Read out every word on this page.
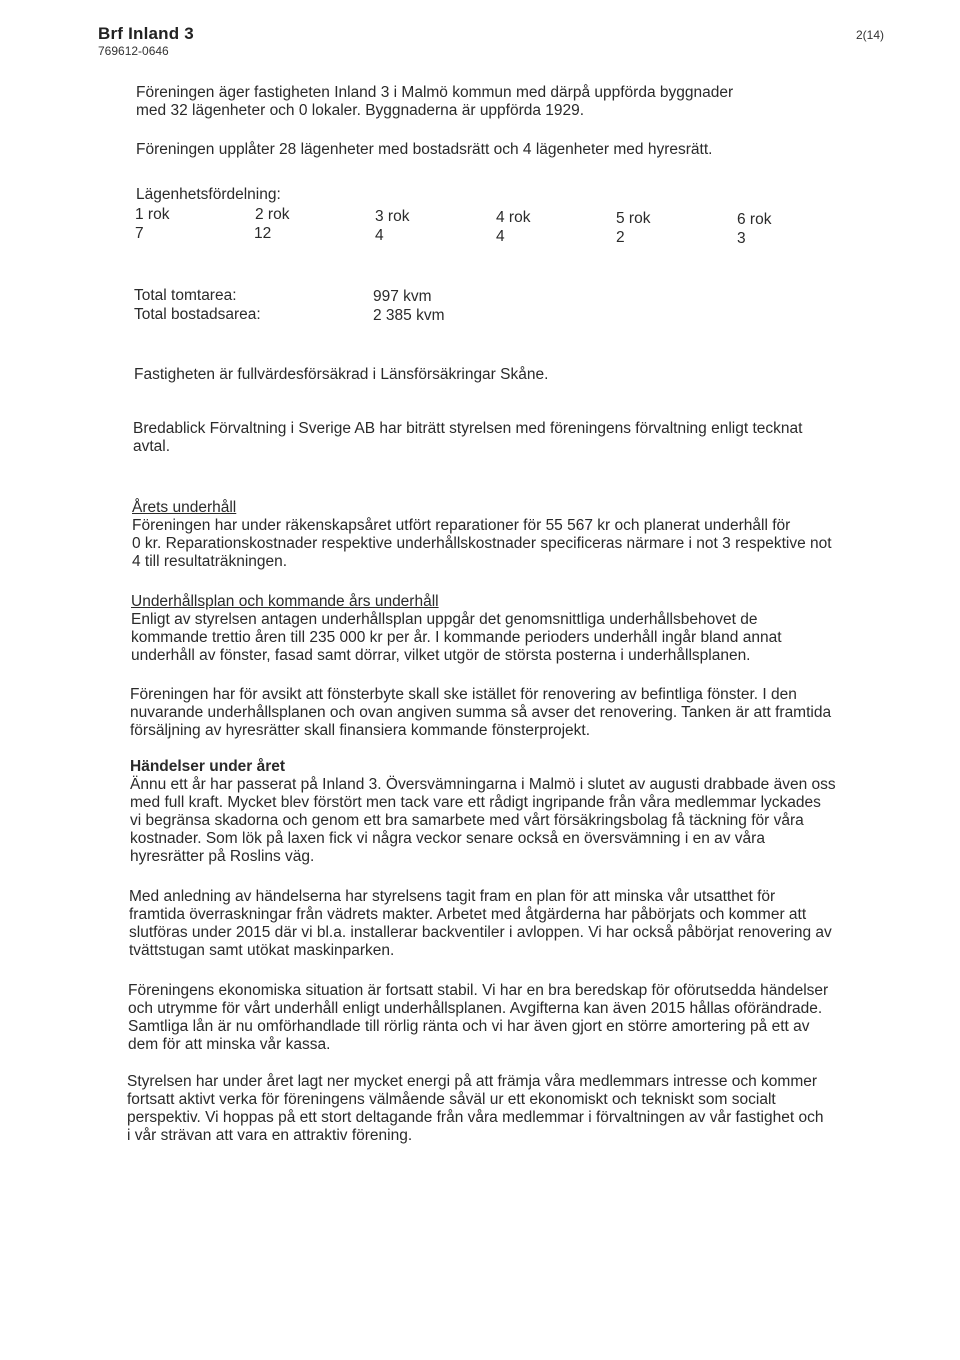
Brf Inland 3
769612-0646
2(14)
Föreningen äger fastigheten Inland 3 i Malmö kommun med därpå uppförda byggnader
med 32 lägenheter och 0 lokaler. Byggnaderna är uppförda 1929.
Föreningen upplåter 28 lägenheter med bostadsrätt och 4 lägenheter med hyresrätt.
Lägenhetsfördelning:
1 rok
7
2 rok
12
3 rok
4
4 rok
4
5 rok
2
6 rok
3
Total tomtarea:	997 kvm
Total bostadsarea:	2 385 kvm
Fastigheten är fullvärdesförsäkrad i Länsförsäkringar Skåne.
Bredablick Förvaltning i Sverige AB har biträtt styrelsen med föreningens förvaltning enligt tecknat
avtal.
Årets underhåll
Föreningen har under räkenskapsåret utfört reparationer för 55 567 kr och planerat underhåll för
0 kr. Reparationskostnader respektive underhållskostnader specificeras närmare i not 3 respektive not
4 till resultaträkningen.
Underhållsplan och kommande års underhåll
Enligt av styrelsen antagen underhållsplan uppgår det genomsnittliga underhållsbehovet de
kommande trettio åren till 235 000 kr per år. I kommande perioders underhåll ingår bland annat
underhåll av fönster, fasad samt dörrar, vilket utgör de största posterna i underhållsplanen.
Föreningen har för avsikt att fönsterbyte skall ske istället för renovering av befintliga fönster. I den
nuvarande underhållsplanen och ovan angiven summa så avser det renovering. Tanken är att framtida
försäljning av hyresrätter skall finansiera kommande fönsterprojekt.
Händelser under året
Ännu ett år har passerat på Inland 3. Översvämningarna i Malmö i slutet av augusti drabbade även oss
med full kraft. Mycket blev förstört men tack vare ett rådigt ingripande från våra medlemmar lyckades
vi begränsa skadorna och genom ett bra samarbete med vårt försäkringsbolag få täckning för våra
kostnader. Som lök på laxen fick vi några veckor senare också en översvämning i en av våra
hyresrätter på Roslins väg.
Med anledning av händelserna har styrelsens tagit fram en plan för att minska vår utsatthet för
framtida överraskningar från vädrets makter. Arbetet med åtgärderna har påbörjats och kommer att
slutföras under 2015 där vi bl.a. installerar backventiler i avloppen. Vi har också påbörjat renovering av
tvättstugan samt utökat maskinparken.
Föreningens ekonomiska situation är fortsatt stabil. Vi har en bra beredskap för oförutsedda händelser
och utrymme för vårt underhåll enligt underhållsplanen. Avgifterna kan även 2015 hållas oförändrade.
Samtliga lån är nu omförhandlade till rörlig ränta och vi har även gjort en större amortering på ett av
dem för att minska vår kassa.
Styrelsen har under året lagt ner mycket energi på att främja våra medlemmars intresse och kommer
fortsatt aktivt verka för föreningens välmående såväl ur ett ekonomiskt och tekniskt som socialt
perspektiv. Vi hoppas på ett stort deltagande från våra medlemmar i förvaltningen av vår fastighet och
i vår strävan att vara en attraktiv förening.
